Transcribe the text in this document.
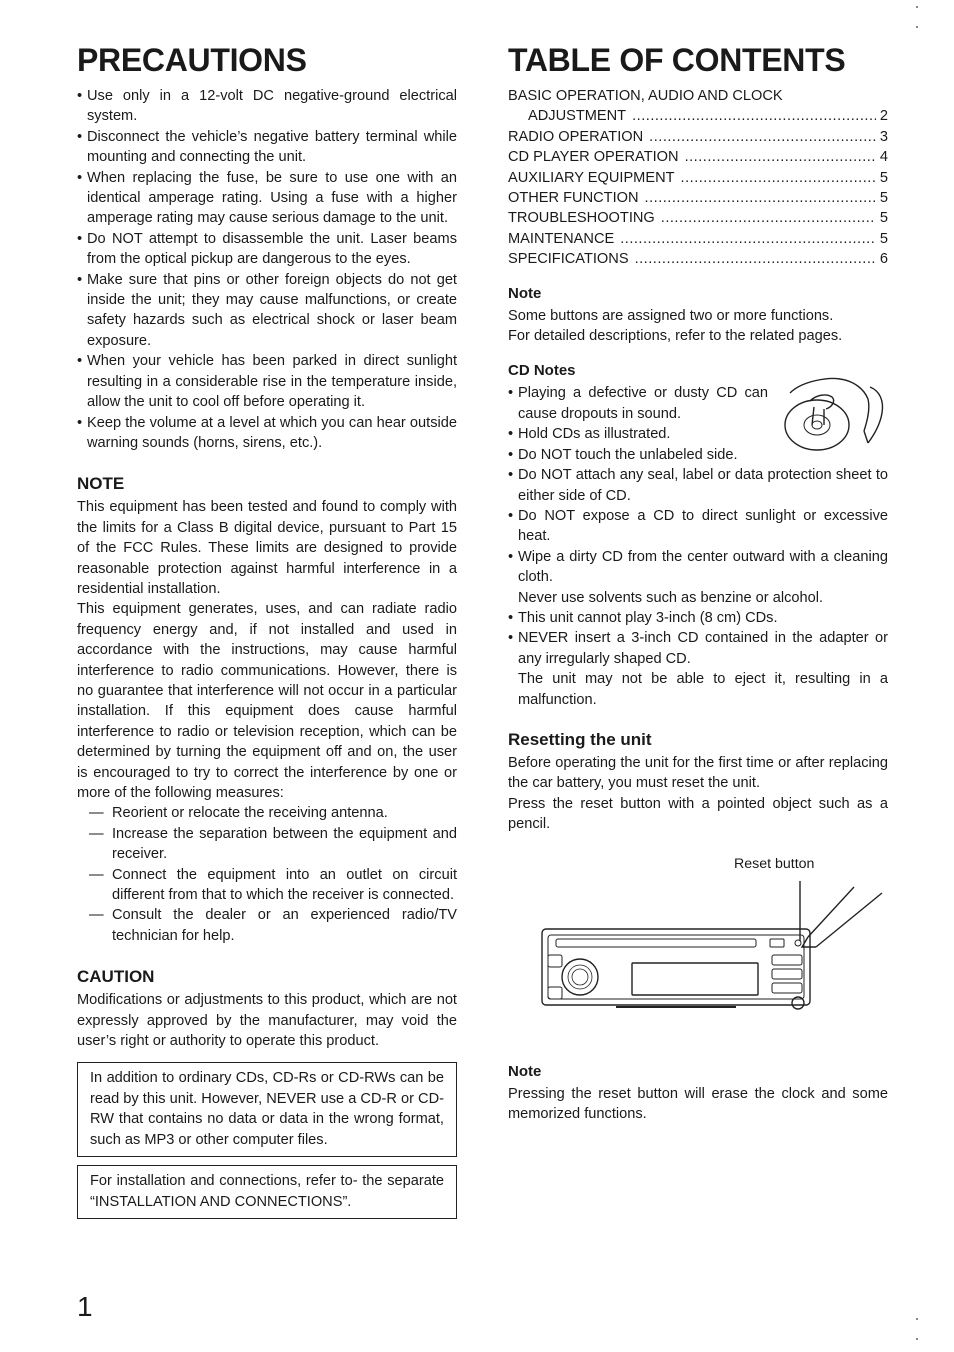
PRECAUTIONS
• Use only in a 12-volt DC negative-ground electrical system.
• Disconnect the vehicle’s negative battery terminal while mounting and connecting the unit.
• When replacing the fuse, be sure to use one with an identical amperage rating. Using a fuse with a higher amperage rating may cause serious damage to the unit.
• Do NOT attempt to disassemble the unit. Laser beams from the optical pickup are dangerous to the eyes.
• Make sure that pins or other foreign objects do not get inside the unit; they may cause malfunctions, or create safety hazards such as electrical shock or laser beam exposure.
• When your vehicle has been parked in direct sunlight resulting in a considerable rise in the temperature inside, allow the unit to cool off before operating it.
• Keep the volume at a level at which you can hear outside warning sounds (horns, sirens, etc.).
NOTE

This equipment has been tested and found to comply with the limits for a Class B digital device, pursuant to Part 15 of the FCC Rules. These limits are designed to provide reasonable protection against harmful interference in a residential installation.

This equipment generates, uses, and can radiate radio frequency energy and, if not installed and used in accordance with the instructions, may cause harmful interference to radio communications. However, there is no guarantee that interference will not occur in a particular installation. If this equipment does cause harmful interference to radio or television reception, which can be determined by turning the equipment off and on, the user is encouraged to try to correct the interference by one or more of the following measures:

— Reorient or relocate the receiving antenna.
— Increase the separation between the equipment and receiver.
— Connect the equipment into an outlet on circuit different from that to which the receiver is connected.
— Consult the dealer or an experienced radio/TV technician for help.
CAUTION

Modifications or adjustments to this product, which are not expressly approved by the manufacturer, may void the user’s right or authority to operate this product.

In addition to ordinary CDs, CD-Rs or CD-RWs can be read by this unit. However, NEVER use a CD-R or CD-RW that contains no data or data in the wrong format, such as MP3 or other computer files.
For installation and connections, refer to- the separate “INSTALLATION AND CONNECTIONS”.
TABLE OF CONTENTS
BASIC OPERATION, AUDIO AND CLOCK
ADJUSTMENT .....	2
RADIO OPERATION .....	3
CD PLAYER OPERATION .....	4
AUXILIARY EQUIPMENT .....	5
OTHER FUNCTION .....	5
TROUBLESHOOTING .....	5
MAINTENANCE .....	5
SPECIFICATIONS .....	6
Note
Some buttons are assigned two or more functions.
For detailed descriptions, refer to the related pages.
CD Notes
• Playing a defective or dusty CD can cause dropouts in sound.
• Hold CDs as illustrated.
• Do NOT touch the unlabeled side.
• Do NOT attach any seal, label or data protection sheet to either side of CD.
• Do NOT expose a CD to direct sunlight or excessive heat.
• Wipe a dirty CD from the center outward with a cleaning cloth.
Never use solvents such as benzine or alcohol.
• This unit cannot play 3-inch (8 cm) CDs.
• NEVER insert a 3-inch CD contained in the adapter or any irregularly shaped CD.

The unit may not be able to eject it, resulting in a malfunction.

Resetting the unit

Before operating the unit for the first time or after replacing the car battery, you must reset the unit.

Press the reset button with a pointed object such as a pencil.

Reset button
Note

Pressing the reset button will erase the clock and some memorized functions.

1
